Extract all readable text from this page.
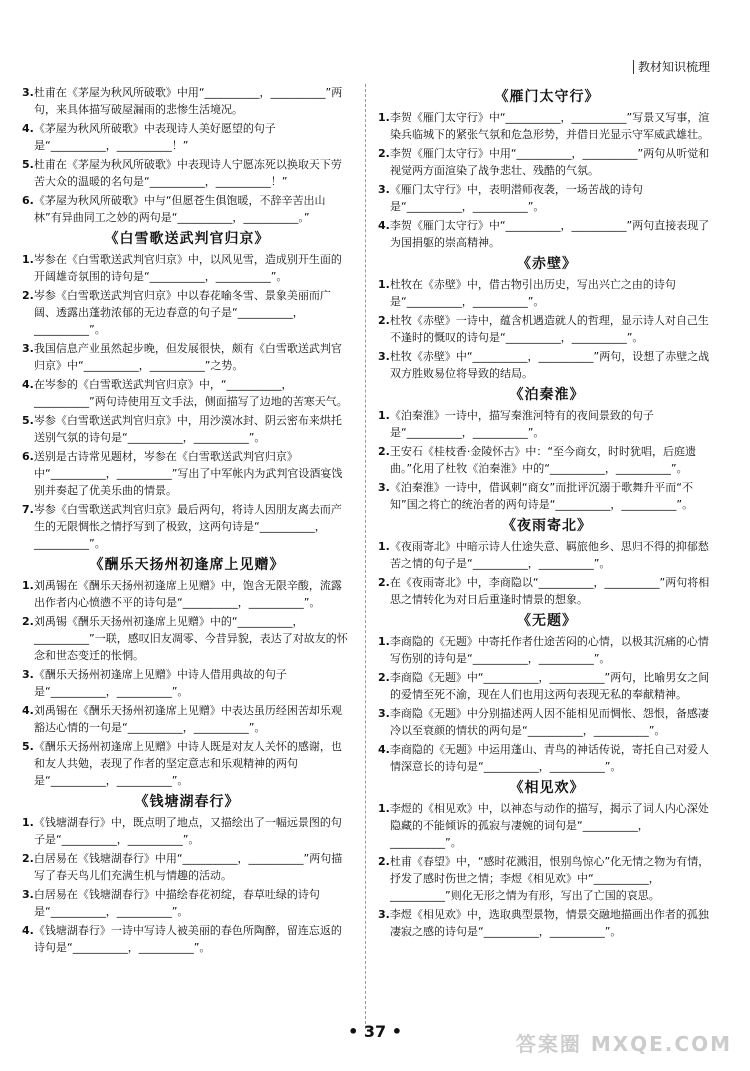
教材知识梳理
3.杜甫在《茅屋为秋风所破歌》中用“__________，__________”两句，来具体描写破屋漏雨的悲惨生活境况。
4.《茅屋为秋风所破歌》中表现诗人美好愿望的句子是“__________，__________！”
5.杜甫在《茅屋为秋风所破歌》中表现诗人宁愿冻死以换取天下劳苦大众的温暖的名句是“__________，__________！”
6.《茅屋为秋风所破歌》中与“但愿苍生俱饱暖，不辞辛苦出山林”有异曲同工之妙的两句是“__________，__________。”
《白雪歌送武判官归京》
1.岑参在《白雪歌送武判官归京》中，以风见雪，造成别开生面的开阔雄奇氛围的诗句是“__________，__________”。
2.岑参《白雪歌送武判官归京》中以春花喻冬雪、景象美丽而广阔、透露出蓬勃浓郁的无边春意的句子是“__________，__________”。
3.我国信息产业虽然起步晚，但发展很快，颇有《白雪歌送武判官归京》中“__________，__________”之势。
4.在岑参的《白雪歌送武判官归京》中，“__________，__________”两句诗使用互文手法，侧面描写了边地的苦寒天气。
5.岑参《白雪歌送武判官归京》中，用沙漠冰封、阴云密布来烘托送别气氛的诗句是“__________，__________”。
6.送别是古诗常见题材，岑参在《白雪歌送武判官归京》中“__________，__________”写出了中军帐内为武判官设酒宴饯别并奏起了优美乐曲的情景。
7.岑参《白雪歌送武判官归京》最后两句，将诗人因朋友离去而产生的无限惆怅之情抒写到了极致，这两句诗是“__________，__________”。
《酬乐天扬州初逢席上见赠》
1.刘禹锡在《酬乐天扬州初逢席上见赠》中，饱含无限辛酸，流露出作者内心愤懑不平的诗句是“__________，__________”。
2.刘禹锡《酬乐天扬州初逢席上见赠》中的“__________，__________”一联，感叹旧友凋零、今昔异貌，表达了对故友的怀念和世态变迁的怅惘。
3.《酬乐天扬州初逢席上见赠》中诗人借用典故的句子是“__________，__________”。
4.刘禹锡在《酬乐天扬州初逢席上见赠》中表达虽历经困苦却乐观豁达心情的一句是“__________，__________”。
5.《酬乐天扬州初逢席上见赠》中诗人既是对友人关怀的感谢，也和友人共勉，表现了作者的坚定意志和乐观精神的两句是“__________，__________”。
《钱塘湖春行》
1.《钱塘湖春行》中，既点明了地点，又描绘出了一幅远景图的句子是“__________，__________”。
2.白居易在《钱塘湖春行》中用“__________，__________”两句描写了春天鸟儿们充满生机与情趣的活动。
3.白居易在《钱塘湖春行》中描绘春花初绽，春草吐绿的诗句是“__________，__________”。
4.《钱塘湖春行》一诗中写诗人被美丽的春色所陶醉，留连忘返的诗句是“__________，__________”。
《雁门太守行》
1.李贺《雁门太守行》中“__________，__________”写景又写事，渲染兵临城下的紧张气氛和危急形势，并借日光显示守军威武雄壮。
2.李贺《雁门太守行》中用“__________，__________”两句从听觉和视觉两方面渲染了战争悲壮、残酷的气氛。
3.《雁门太守行》中，表明潜师夜袭，一场苦战的诗句是“__________，__________”。
4.李贺《雁门太守行》中“__________，__________”两句直接表现了为国捐躯的崇高精神。
《赤壁》
1.杜牧在《赤壁》中，借古物引出历史，写出兴亡之由的诗句是“__________，__________”。
2.杜牧《赤壁》一诗中，蕴含机遇造就人的哲理，显示诗人对自己生不逢时的慨叹的诗句是“__________，__________”。
3.杜牧《赤壁》中“__________，__________”两句，设想了赤壁之战双方胜败易位将导致的结局。
《泊秦淮》
1.《泊秦淮》一诗中，描写秦淮河特有的夜间景致的句子是“__________，__________”。
2.王安石《桂枝香·金陵怀古》中：“至今商女，时时犹唱，后庭遗曲。”化用了杜牧《泊秦淮》中的“__________，__________”。
3.《泊秦淮》一诗中，借讽刺“商女”而批评沉溺于歌舞升平而“不知”国之将亡的统治者的两句诗是“__________，__________”。
《夜雨寄北》
1.《夜雨寄北》中暗示诗人仕途失意、羁旅他乡、思归不得的抑郁愁苦之情的句子是“__________，__________”。
2.在《夜雨寄北》中，李商隐以“__________，__________”两句将相思之情转化为对日后重逢时情景的想象。
《无题》
1.李商隐的《无题》中寄托作者仕途苦闷的心情，以极其沉痛的心情写伤别的诗句是“__________，__________”。
2.李商隐《无题》中“__________，__________”两句，比喻男女之间的爱情至死不渝，现在人们也用这两句表现无私的奉献精神。
3.李商隐《无题》中分别描述两人因不能相见而惆怅、怨恨，备感凄冷以至衰颜的情状的两句是“__________，__________”。
4.李商隐的《无题》中运用蓬山、青鸟的神话传说，寄托自己对爱人情深意长的诗句是“__________，__________”。
《相见欢》
1.李煜的《相见欢》中，以神态与动作的描写，揭示了词人内心深处隐藏的不能倾诉的孤寂与凄婉的词句是“__________，__________”。
2.杜甫《春望》中，“感时花溅泪，恨别鸟惊心”化无情之物为有情，抒发了感时伤世之情；李煜《相见欢》中“__________，__________”则化无形之情为有形，写出了亡国的哀思。
3.李煜《相见欢》中，选取典型景物，情景交融地描画出作者的孤独凄寂之感的诗句是“__________，__________”。
• 37 •
答案圈 MXQE.COM
